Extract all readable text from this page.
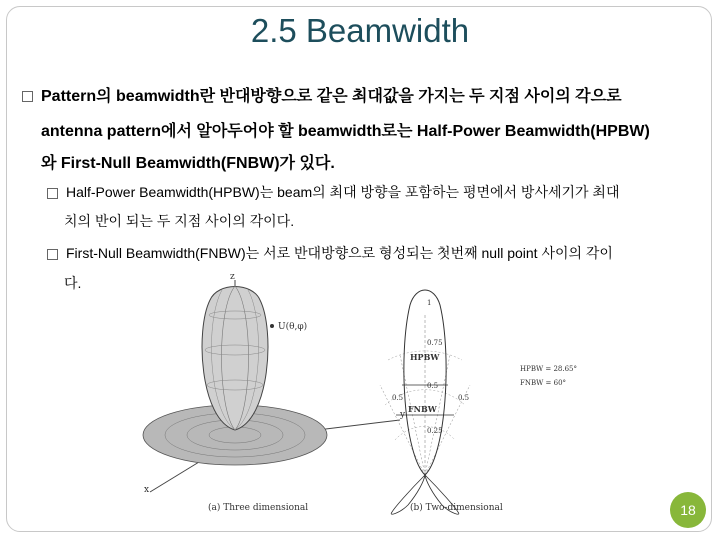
2.5 Beamwidth
Pattern의 beamwidth란 반대방향으로 같은 최대값을 가지는 두 지점 사이의 각으로
antenna pattern에서 알아두어야 할 beamwidth로는 Half-Power Beamwidth(HPBW)
와 First-Null Beamwidth(FNBW)가 있다.
Half-Power Beamwidth(HPBW)는 beam의 최대 방향을 포함하는 평면에서 방사세기가 최대
치의 반이 되는 두 지점 사이의 각이다.
First-Null Beamwidth(FNBW)는 서로 반대방향으로 형성되는 첫번째 null point 사이의 각이
다.	z
x
y
U(θ,φ)
(a) Three dimensional
HPBW
FNBW
1
0.75
0.5
0.5	0.5
0.25
HPBW = 28.65°
FNBW = 60°
(b) Two-dimensional	18
